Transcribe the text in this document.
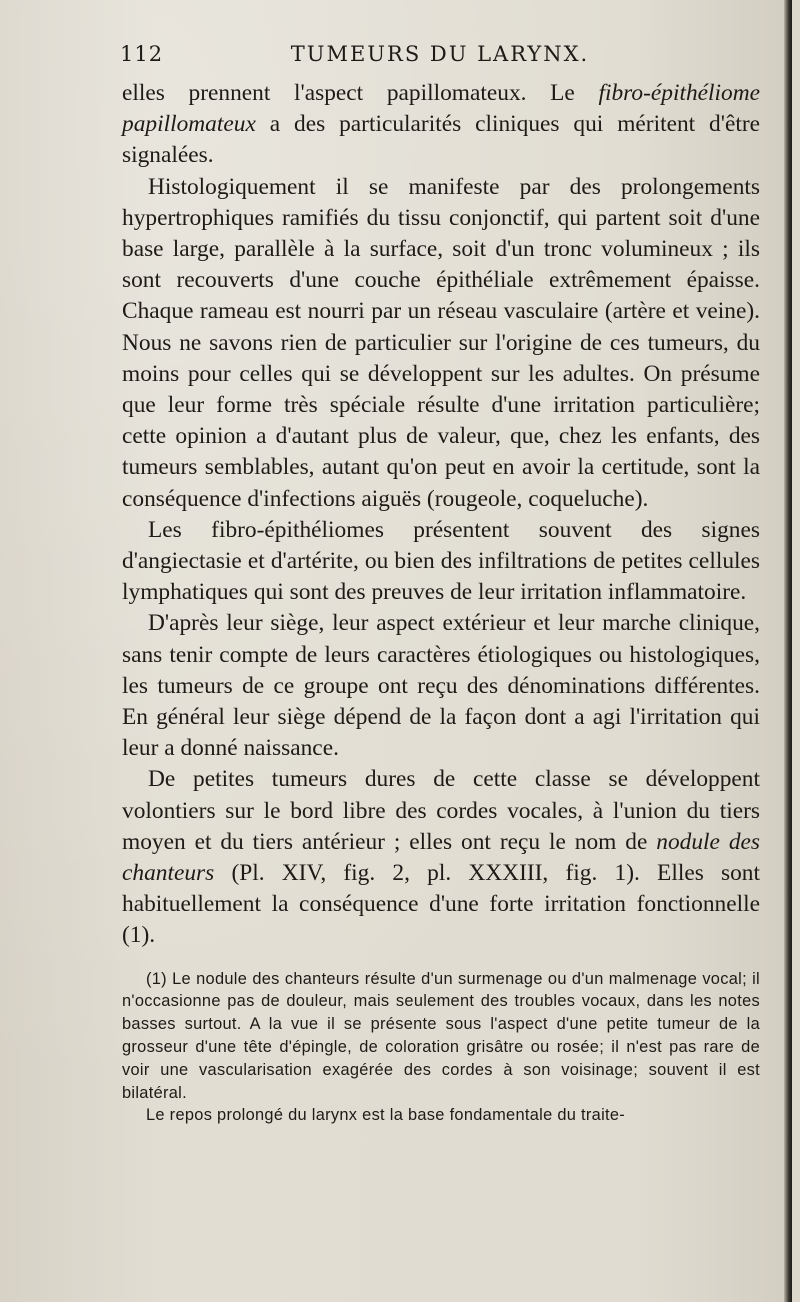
112	TUMEURS DU LARYNX.

elles prennent l'aspect papillomateux. Le fibro-épithéliome papillomateux a des particularités cliniques qui méritent d'être signalées.

Histologiquement il se manifeste par des prolongements hypertrophiques ramifiés du tissu conjonctif, qui partent soit d'une base large, parallèle à la surface, soit d'un tronc volumineux ; ils sont recouverts d'une couche épithéliale extrêmement épaisse. Chaque rameau est nourri par un réseau vasculaire (artère et veine). Nous ne savons rien de particulier sur l'origine de ces tumeurs, du moins pour celles qui se développent sur les adultes. On présume que leur forme très spéciale résulte d'une irritation particulière; cette opinion a d'autant plus de valeur, que, chez les enfants, des tumeurs semblables, autant qu'on peut en avoir la certitude, sont la conséquence d'infections aiguës (rougeole, coqueluche).

Les fibro-épithéliomes présentent souvent des signes d'angiectasie et d'artérite, ou bien des infiltrations de petites cellules lymphatiques qui sont des preuves de leur irritation inflammatoire.

D'après leur siège, leur aspect extérieur et leur marche clinique, sans tenir compte de leurs caractères étiologiques ou histologiques, les tumeurs de ce groupe ont reçu des dénominations différentes. En général leur siège dépend de la façon dont a agi l'irritation qui leur a donné naissance.

De petites tumeurs dures de cette classe se développent volontiers sur le bord libre des cordes vocales, à l'union du tiers moyen et du tiers antérieur ; elles ont reçu le nom de nodule des chanteurs (Pl. XIV, fig. 2, pl. XXXIII, fig. 1). Elles sont habituellement la conséquence d'une forte irritation fonctionnelle (1).

(1) Le nodule des chanteurs résulte d'un surmenage ou d'un malmenage vocal; il n'occasionne pas de douleur, mais seulement des troubles vocaux, dans les notes basses surtout. A la vue il se présente sous l'aspect d'une petite tumeur de la grosseur d'une tête d'épingle, de coloration grisâtre ou rosée; il n'est pas rare de voir une vascularisation exagérée des cordes à son voisinage; souvent il est bilatéral.

Le repos prolongé du larynx est la base fondamentale du traite-
